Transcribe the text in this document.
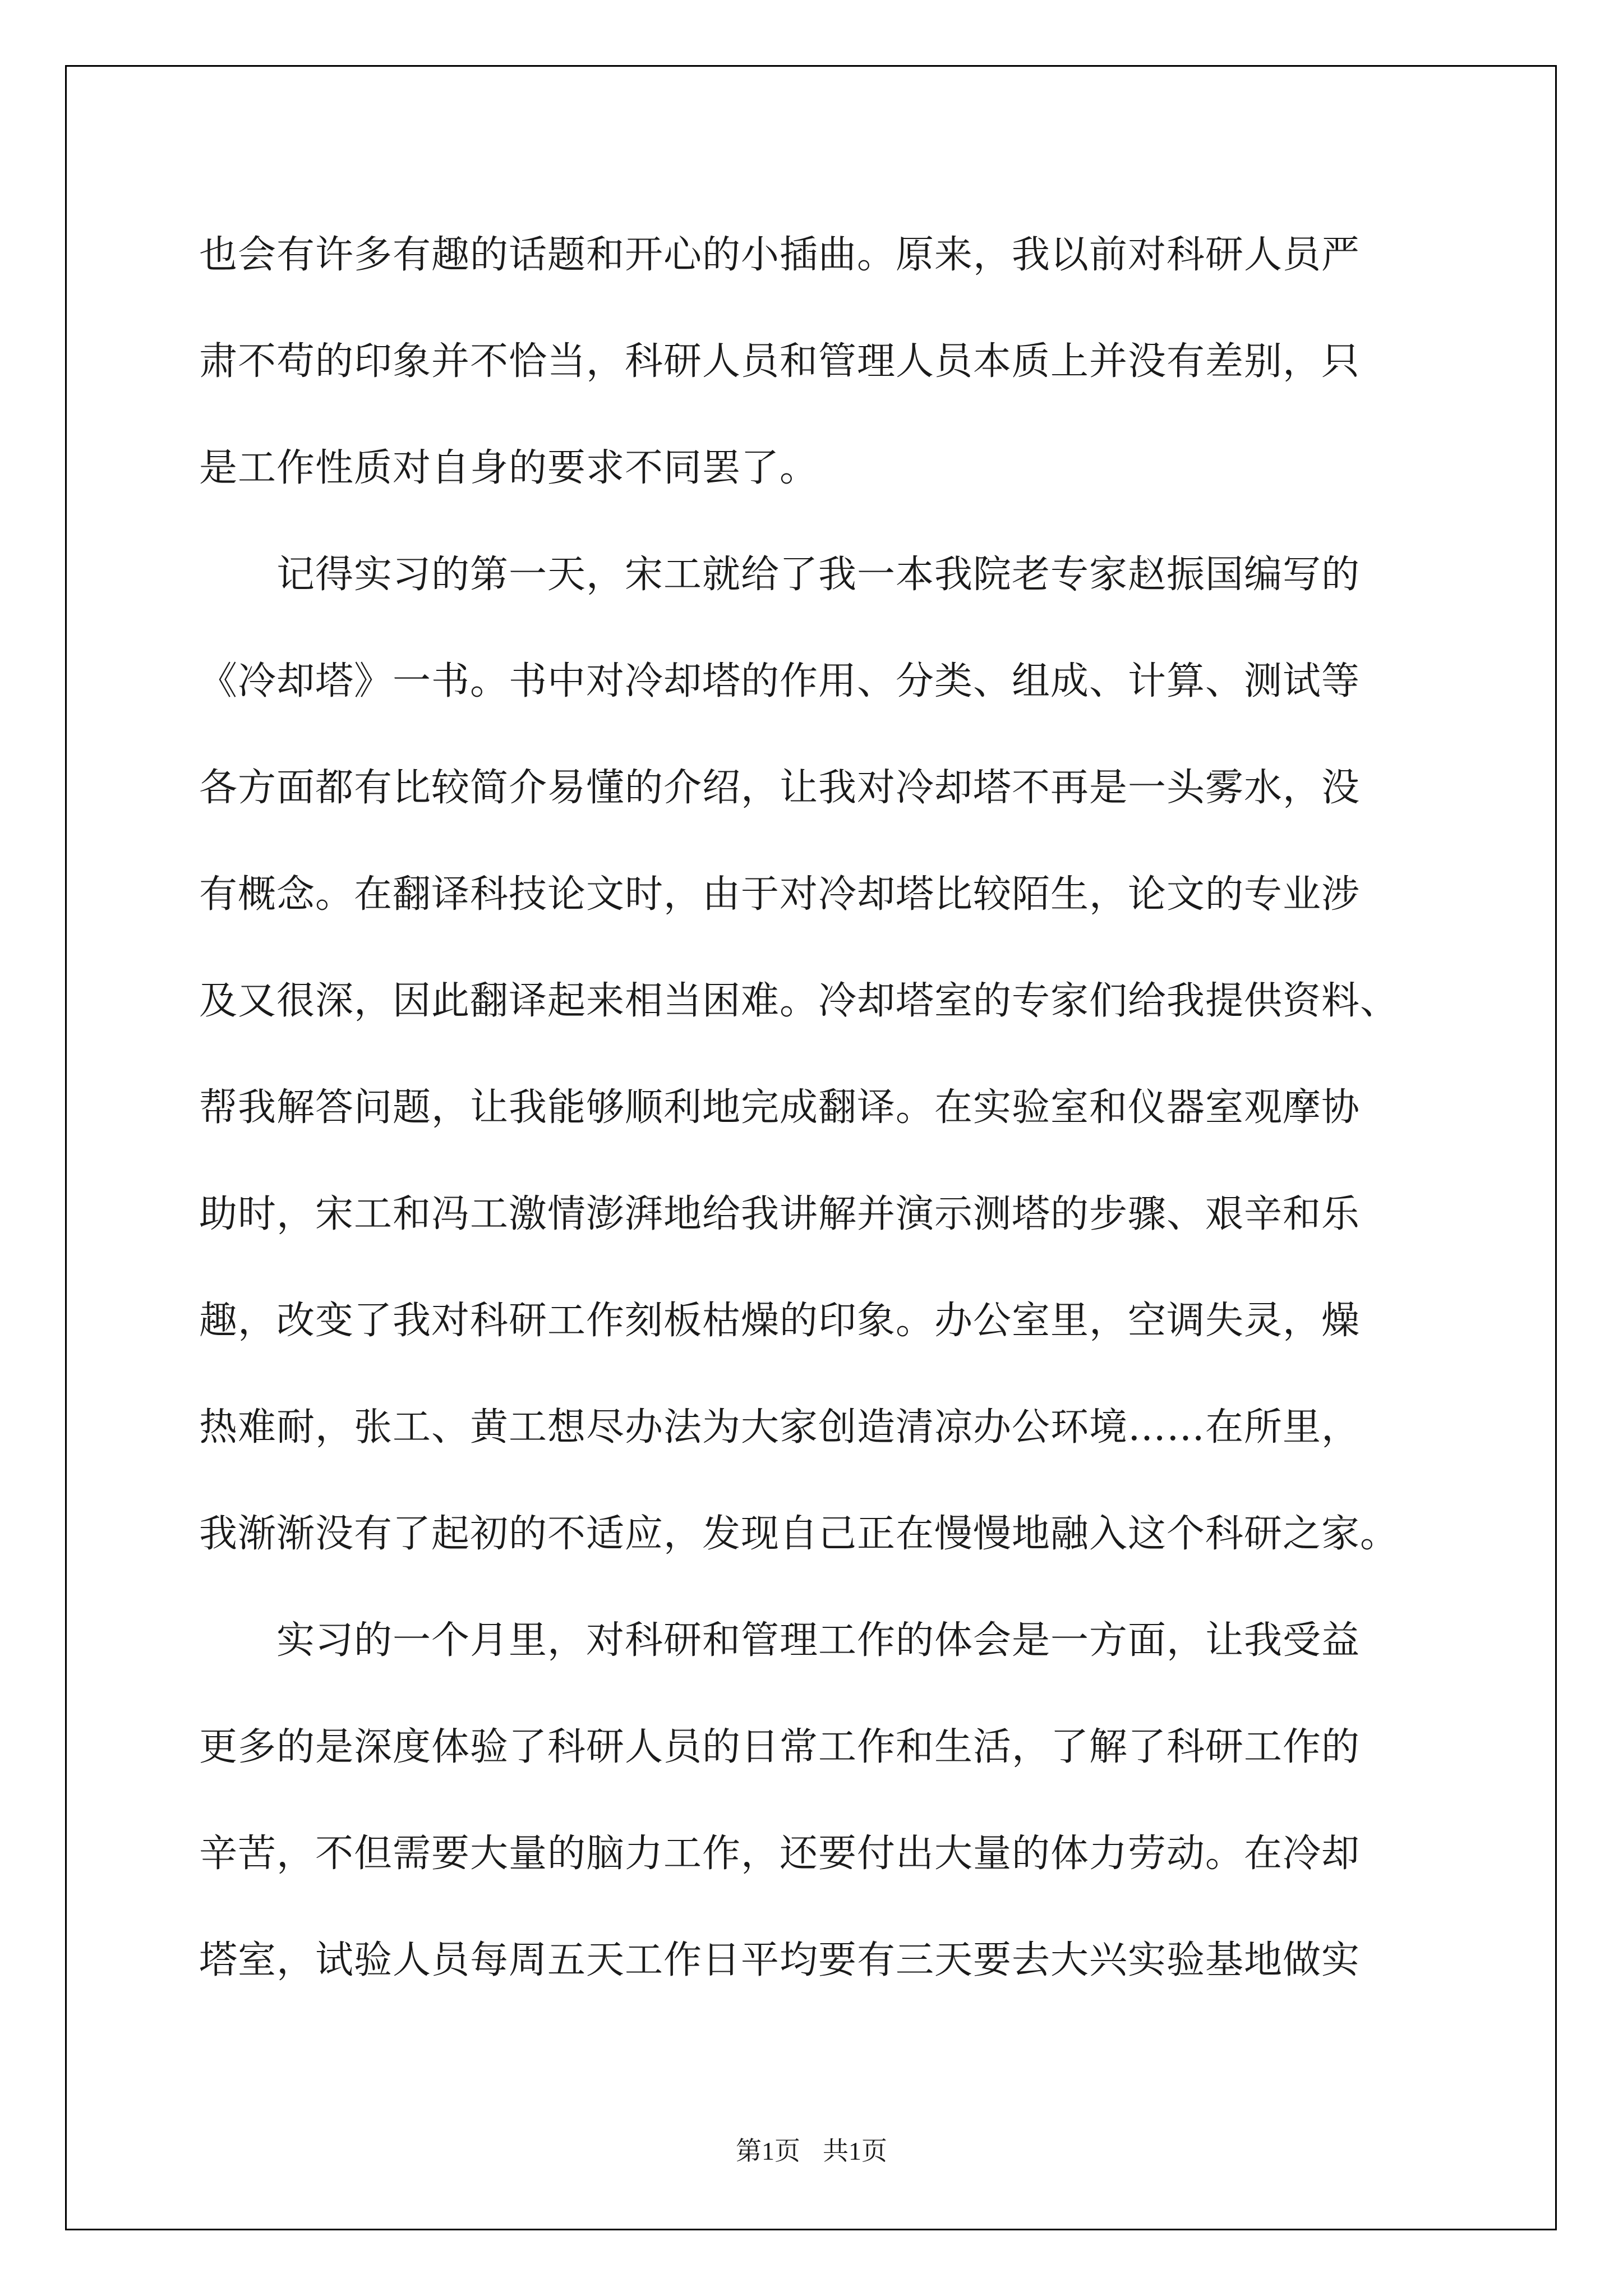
也会有许多有趣的话题和开心的小插曲。原来，我以前对科研人员严
肃不苟的印象并不恰当，科研人员和管理人员本质上并没有差别，只
是工作性质对自身的要求不同罢了。
　　记得实习的第一天，宋工就给了我一本我院老专家赵振国编写的
《冷却塔》一书。书中对冷却塔的作用、分类、组成、计算、测试等
各方面都有比较简介易懂的介绍，让我对冷却塔不再是一头雾水，没
有概念。在翻译科技论文时，由于对冷却塔比较陌生，论文的专业涉
及又很深，因此翻译起来相当困难。冷却塔室的专家们给我提供资料、
帮我解答问题，让我能够顺利地完成翻译。在实验室和仪器室观摩协
助时，宋工和冯工激情澎湃地给我讲解并演示测塔的步骤、艰辛和乐
趣，改变了我对科研工作刻板枯燥的印象。办公室里，空调失灵，燥
热难耐，张工、黄工想尽办法为大家创造清凉办公环境……在所里，
我渐渐没有了起初的不适应，发现自己正在慢慢地融入这个科研之家。
　　实习的一个月里，对科研和管理工作的体会是一方面，让我受益
更多的是深度体验了科研人员的日常工作和生活，了解了科研工作的
辛苦，不但需要大量的脑力工作，还要付出大量的体力劳动。在冷却
塔室，试验人员每周五天工作日平均要有三天要去大兴实验基地做实
第1页 共1页
